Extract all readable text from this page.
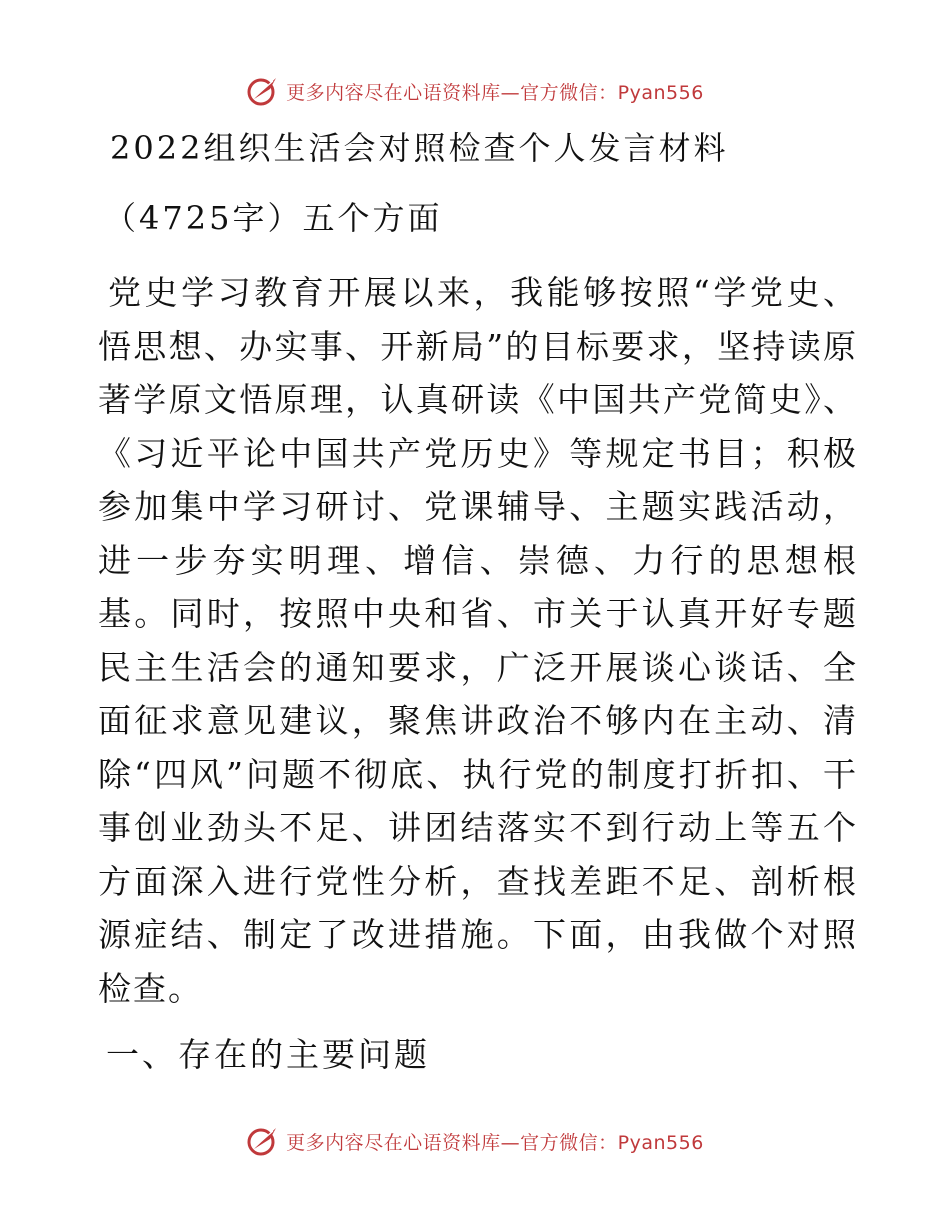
更多内容尽在心语资料库—官方微信：Pyan556
2022组织生活会对照检查个人发言材料
（4725字）五个方面

党史学习教育开展以来，我能够按照“学党史、悟思想、办实事、开新局”的目标要求，坚持读原著学原文悟原理，认真研读《中国共产党简史》、《习近平论中国共产党历史》等规定书目；积极参加集中学习研讨、党课辅导、主题实践活动，进一步夯实明理、增信、崇德、力行的思想根基。同时，按照中央和省、市关于认真开好专题民主生活会的通知要求，广泛开展谈心谈话、全面征求意见建议，聚焦讲政治不够内在主动、清除“四风”问题不彻底、执行党的制度打折扣、干事创业劲头不足、讲团结落实不到行动上等五个方面深入进行党性分析，查找差距不足、剖析根源症结、制定了改进措施。下面，由我做个对照检查。

一、存在的主要问题
更多内容尽在心语资料库—官方微信：Pyan556
